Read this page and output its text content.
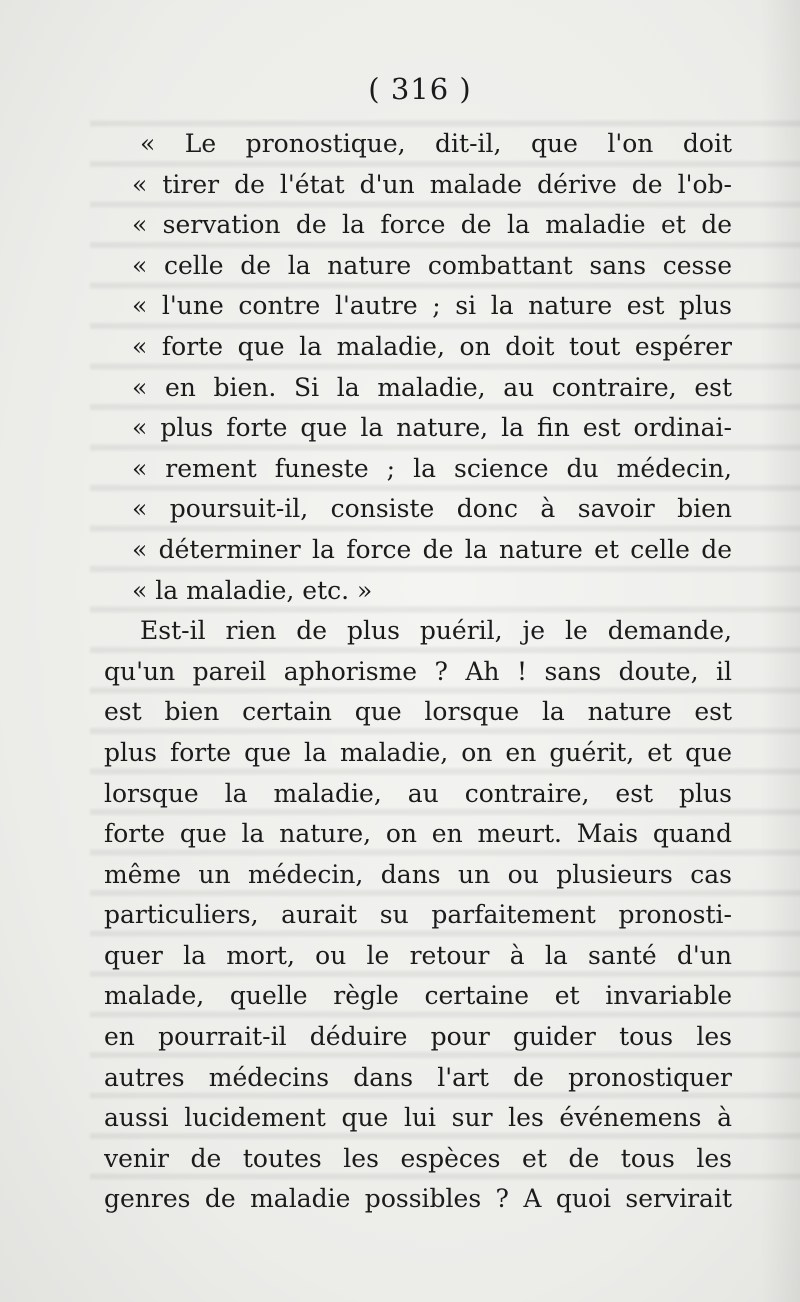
( 316 )
« Le pronostique, dit-il, que l'on doit
« tirer de l'état d'un malade dérive de l'ob-
« servation de la force de la maladie et de
« celle de la nature combattant sans cesse
« l'une contre l'autre ; si la nature est plus
« forte que la maladie, on doit tout espérer
« en bien. Si la maladie, au contraire, est
« plus forte que la nature, la fin est ordinai-
« rement funeste ; la science du médecin,
« poursuit-il, consiste donc à savoir bien
« déterminer la force de la nature et celle de
« la maladie, etc. »
Est-il rien de plus puéril, je le demande,
qu'un pareil aphorisme ? Ah ! sans doute, il
est bien certain que lorsque la nature est
plus forte que la maladie, on en guérit, et que
lorsque la maladie, au contraire, est plus
forte que la nature, on en meurt. Mais quand
même un médecin, dans un ou plusieurs cas
particuliers, aurait su parfaitement pronosti-
quer la mort, ou le retour à la santé d'un
malade, quelle règle certaine et invariable
en pourrait-il déduire pour guider tous les
autres médecins dans l'art de pronostiquer
aussi lucidement que lui sur les événemens à
venir de toutes les espèces et de tous les
genres de maladie possibles ? A quoi servirait
